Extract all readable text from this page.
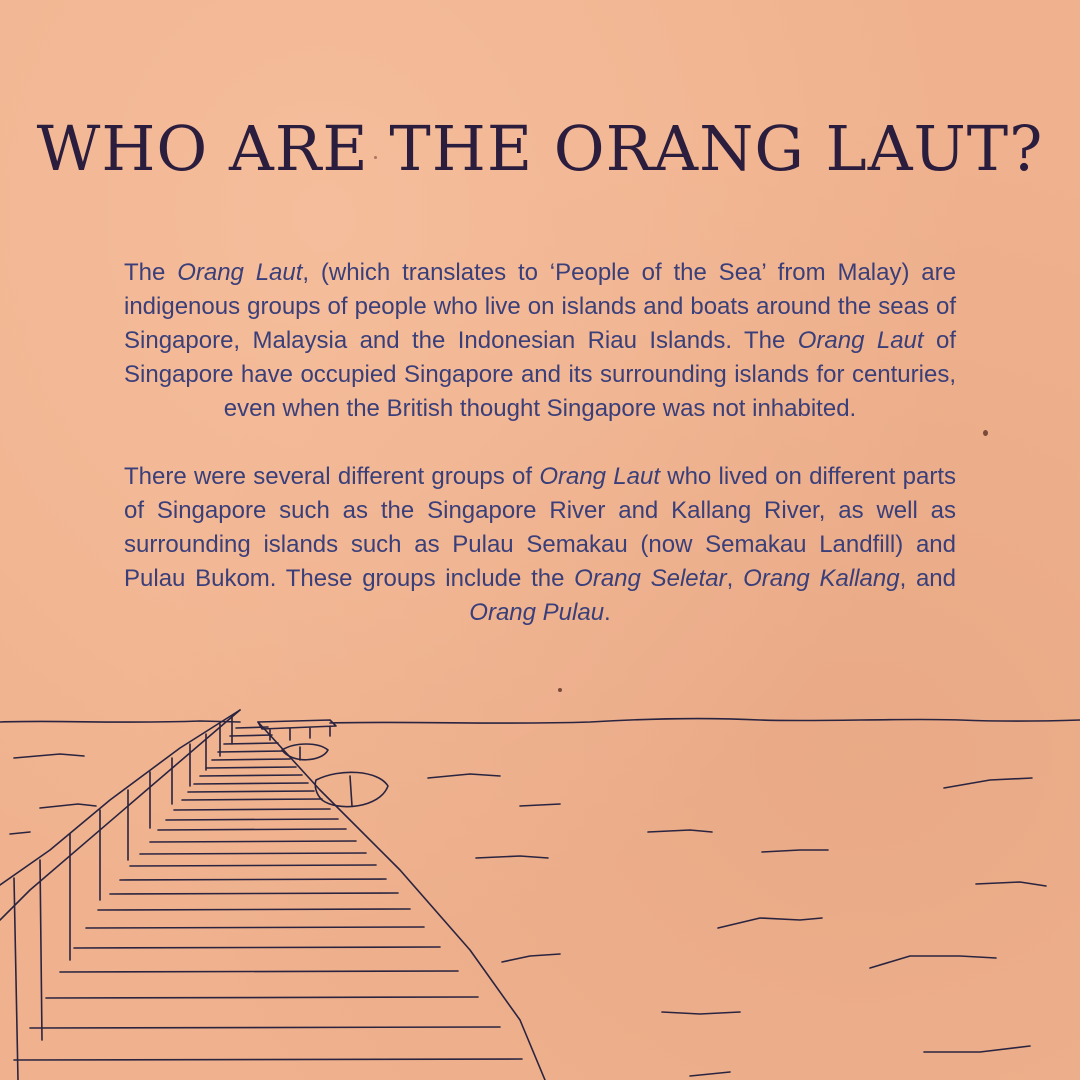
WHO ARE THE ORANG LAUT?

The Orang Laut, (which translates to ‘People of the Sea’ from Malay) are indigenous groups of people who live on islands and boats around the seas of Singapore, Malaysia and the Indonesian Riau Islands. The Orang Laut of Singapore have occupied Singapore and its surrounding islands for centuries, even when the British thought Singapore was not inhabited.

There were several different groups of Orang Laut who lived on different parts of Singapore such as the Singapore River and Kallang River, as well as surrounding islands such as Pulau Semakau (now Semakau Landfill) and Pulau Bukom. These groups include the Orang Seletar, Orang Kallang, and Orang Pulau.
